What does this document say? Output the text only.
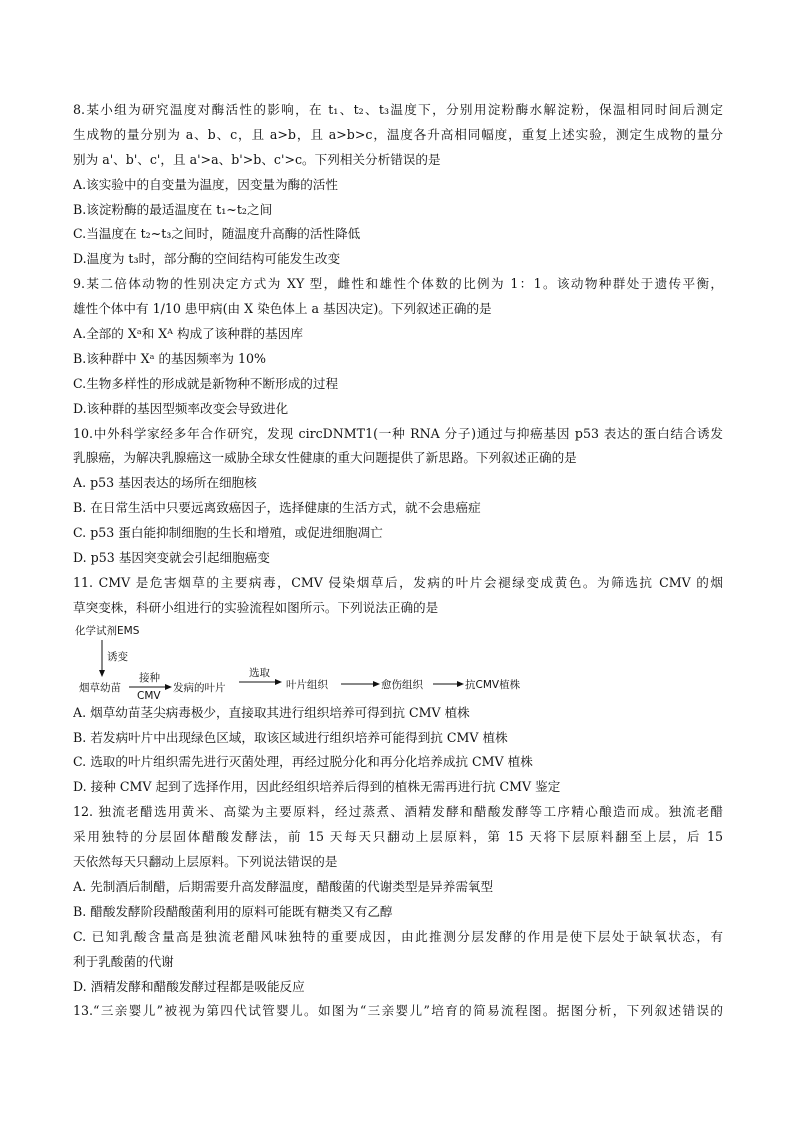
8.某小组为研究温度对酶活性的影响，在 t₁、t₂、t₃温度下，分别用淀粉酶水解淀粉，保温相同时间后测定
生成物的量分别为 a、b、c，且 a>b，且 a>b>c，温度各升高相同幅度，重复上述实验，测定生成物的量分
别为 a'、b'、c'，且 a'>a、b'>b、c'>c。下列相关分析错误的是
A.该实验中的自变量为温度，因变量为酶的活性
B.该淀粉酶的最适温度在 t₁~t₂之间
C.当温度在 t₂~t₃之间时，随温度升高酶的活性降低
D.温度为 t₃时，部分酶的空间结构可能发生改变
9.某二倍体动物的性别决定方式为 XY 型，雌性和雄性个体数的比例为 1：1。该动物种群处于遗传平衡，
雄性个体中有 1/10 患甲病(由 X 染色体上 a 基因决定)。下列叙述正确的是
A.全部的 Xᵃ和 Xᴬ 构成了该种群的基因库
B.该种群中 Xᵃ 的基因频率为 10%
C.生物多样性的形成就是新物种不断形成的过程
D.该种群的基因型频率改变会导致进化
10.中外科学家经多年合作研究，发现 circDNMT1(一种 RNA 分子)通过与抑癌基因 p53 表达的蛋白结合诱发
乳腺癌，为解决乳腺癌这一威胁全球女性健康的重大问题提供了新思路。下列叙述正确的是
A. p53 基因表达的场所在细胞核
B. 在日常生活中只要远离致癌因子，选择健康的生活方式，就不会患癌症
C. p53 蛋白能抑制细胞的生长和增殖，或促进细胞凋亡
D. p53 基因突变就会引起细胞癌变
11. CMV 是危害烟草的主要病毒，CMV 侵染烟草后，发病的叶片会褪绿变成黄色。为筛选抗 CMV 的烟
草突变株，科研小组进行的实验流程如图所示。下列说法正确的是
化学试剂EMS
诱变
烟草幼苗
接种
CMV
发病的叶片
选取
叶片组织	愈伤组织	抗CMV植株
A. 烟草幼苗茎尖病毒极少，直接取其进行组织培养可得到抗 CMV 植株
B. 若发病叶片中出现绿色区域，取该区域进行组织培养可能得到抗 CMV 植株
C. 选取的叶片组织需先进行灭菌处理，再经过脱分化和再分化培养成抗 CMV 植株
D. 接种 CMV 起到了选择作用，因此经组织培养后得到的植株无需再进行抗 CMV 鉴定
12. 独流老醋选用黄米、高粱为主要原料，经过蒸煮、酒精发酵和醋酸发酵等工序精心酿造而成。独流老醋
采用独特的分层固体醋酸发酵法，前 15 天每天只翻动上层原料，第 15 天将下层原料翻至上层，后 15
天依然每天只翻动上层原料。下列说法错误的是
A. 先制酒后制醋，后期需要升高发酵温度，醋酸菌的代谢类型是异养需氧型
B. 醋酸发酵阶段醋酸菌利用的原料可能既有糖类又有乙醇
C. 已知乳酸含量高是独流老醋风味独特的重要成因，由此推测分层发酵的作用是使下层处于缺氧状态，有
利于乳酸菌的代谢
D. 酒精发酵和醋酸发酵过程都是吸能反应
13.“三亲婴儿”被视为第四代试管婴儿。如图为“三亲婴儿”培育的简易流程图。据图分析，下列叙述错误的
